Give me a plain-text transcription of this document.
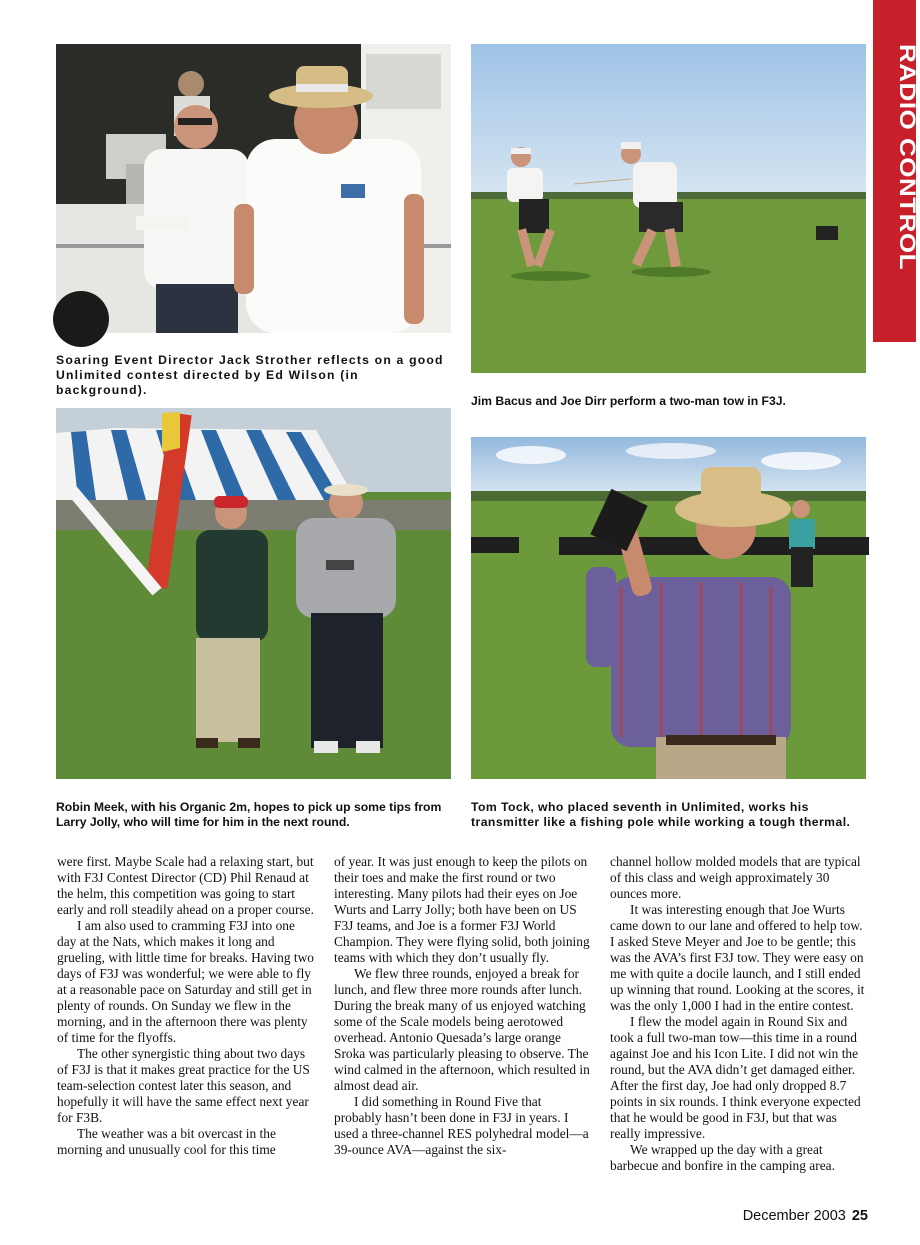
RADIO CONTROL
Soaring Event Director Jack Strother reflects on a good Unlimited contest directed by Ed Wilson (in background).
Jim Bacus and Joe Dirr perform a two-man tow in F3J.
Robin Meek, with his Organic 2m, hopes to pick up some tips from Larry Jolly, who will time for him in the next round.
Tom Tock, who placed seventh in Unlimited, works his transmitter like a fishing pole while working a tough thermal.

were first. Maybe Scale had a relaxing start, but with F3J Contest Director (CD) Phil Renaud at the helm, this competition was going to start early and roll steadily ahead on a proper course.

I am also used to cramming F3J into one day at the Nats, which makes it long and grueling, with little time for breaks. Having two days of F3J was wonderful; we were able to fly at a reasonable pace on Saturday and still get in plenty of rounds. On Sunday we flew in the morning, and in the afternoon there was plenty of time for the flyoffs.

The other synergistic thing about two days of F3J is that it makes great practice for the US team-selection contest later this season, and hopefully it will have the same effect next year for F3B.

The weather was a bit overcast in the morning and unusually cool for this time

of year. It was just enough to keep the pilots on their toes and make the first round or two interesting. Many pilots had their eyes on Joe Wurts and Larry Jolly; both have been on US F3J teams, and Joe is a former F3J World Champion. They were flying solid, both joining teams with which they don’t usually fly.

We flew three rounds, enjoyed a break for lunch, and flew three more rounds after lunch. During the break many of us enjoyed watching some of the Scale models being aerotowed overhead. Antonio Quesada’s large orange Sroka was particularly pleasing to observe. The wind calmed in the afternoon, which resulted in almost dead air.

I did something in Round Five that probably hasn’t been done in F3J in years. I used a three-channel RES polyhedral model—a 39-ounce AVA—against the six-

channel hollow molded models that are typical of this class and weigh approximately 30 ounces more.

It was interesting enough that Joe Wurts came down to our lane and offered to help tow. I asked Steve Meyer and Joe to be gentle; this was the AVA’s first F3J tow. They were easy on me with quite a docile launch, and I still ended up winning that round. Looking at the scores, it was the only 1,000 I had in the entire contest.

I flew the model again in Round Six and took a full two-man tow—this time in a round against Joe and his Icon Lite. I did not win the round, but the AVA didn’t get damaged either. After the first day, Joe had only dropped 8.7 points in six rounds. I think everyone expected that he would be good in F3J, but that was really impressive.

We wrapped up the day with a great barbecue and bonfire in the camping area.

December 2003 25
